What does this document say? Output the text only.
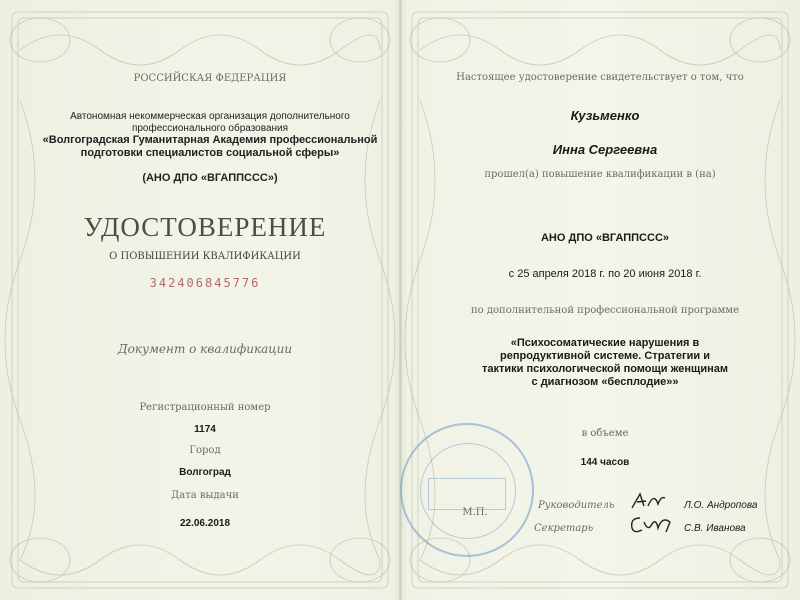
РОССИЙСКАЯ ФЕДЕРАЦИЯ

Автономная некоммерческая организация дополнительного

профессионального образования

«Волгоградская Гуманитарная Академия профессиональной

подготовки специалистов социальной сферы»

(АНО ДПО «ВГАППССС»)

УДОСТОВЕРЕНИЕ

О ПОВЫШЕНИИ КВАЛИФИКАЦИИ

342406845776

Документ о квалификации

Регистрационный номер

1174

Город

Волгоград

Дата выдачи

22.06.2018

Настоящее удостоверение свидетельствует о том, что

Кузьменко

Инна Сергеевна

прошел(а) повышение квалификации в (на)

АНО ДПО «ВГАППССС»

с 25 апреля 2018 г. по 20 июня 2018 г.

по дополнительной профессиональной программе

«Психосоматические нарушения в

репродуктивной системе. Стратегии и

тактики психологической помощи женщинам

с диагнозом «бесплодие»»

в объеме

144 часов

М.П.

Руководитель	Л.О. Андропова

Секретарь	С.В. Иванова
